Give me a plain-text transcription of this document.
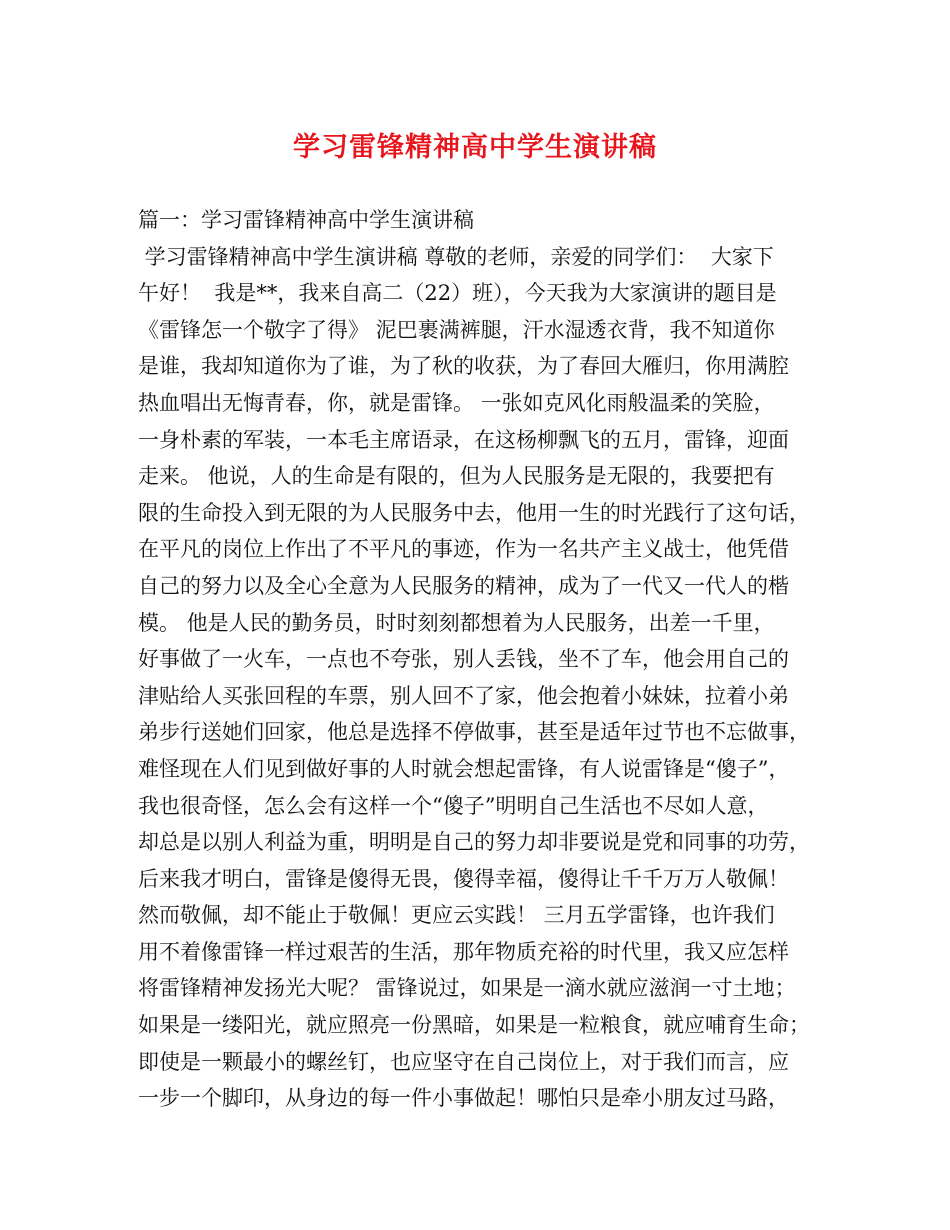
学习雷锋精神高中学生演讲稿
篇一：学习雷锋精神高中学生演讲稿
学习雷锋精神高中学生演讲稿 尊敬的老师，亲爱的同学们：  大家下
午好！  我是**，我来自高二（22）班），今天我为大家演讲的题目是
《雷锋怎一个敬字了得》 泥巴裹满裤腿，汗水湿透衣背，我不知道你
是谁，我却知道你为了谁，为了秋的收获，为了春回大雁归，你用满腔
热血唱出无悔青春，你，就是雷锋。 一张如克风化雨般温柔的笑脸，
一身朴素的军装，一本毛主席语录，在这杨柳飘飞的五月，雷锋，迎面
走来。 他说，人的生命是有限的，但为人民服务是无限的，我要把有
限的生命投入到无限的为人民服务中去，他用一生的时光践行了这句话，
在平凡的岗位上作出了不平凡的事迹，作为一名共产主义战士，他凭借
自己的努力以及全心全意为人民服务的精神，成为了一代又一代人的楷
模。 他是人民的勤务员，时时刻刻都想着为人民服务，出差一千里，
好事做了一火车，一点也不夸张，别人丢钱，坐不了车，他会用自己的
津贴给人买张回程的车票，别人回不了家，他会抱着小妹妹，拉着小弟
弟步行送她们回家，他总是选择不停做事，甚至是适年过节也不忘做事，
难怪现在人们见到做好事的人时就会想起雷锋，有人说雷锋是“傻子”，
我也很奇怪，怎么会有这样一个“傻子”明明自己生活也不尽如人意，
却总是以别人利益为重，明明是自己的努力却非要说是党和同事的功劳，
后来我才明白，雷锋是傻得无畏，傻得幸福，傻得让千千万万人敬佩！
然而敬佩，却不能止于敬佩！更应云实践！ 三月五学雷锋，也许我们
用不着像雷锋一样过艰苦的生活，那年物质充裕的时代里，我又应怎样
将雷锋精神发扬光大呢？ 雷锋说过，如果是一滴水就应滋润一寸土地；
如果是一缕阳光，就应照亮一份黑暗，如果是一粒粮食，就应哺育生命；
即使是一颗最小的螺丝钉，也应坚守在自己岗位上，对于我们而言，应
一步一个脚印，从身边的每一件小事做起！哪怕只是牵小朋友过马路，
